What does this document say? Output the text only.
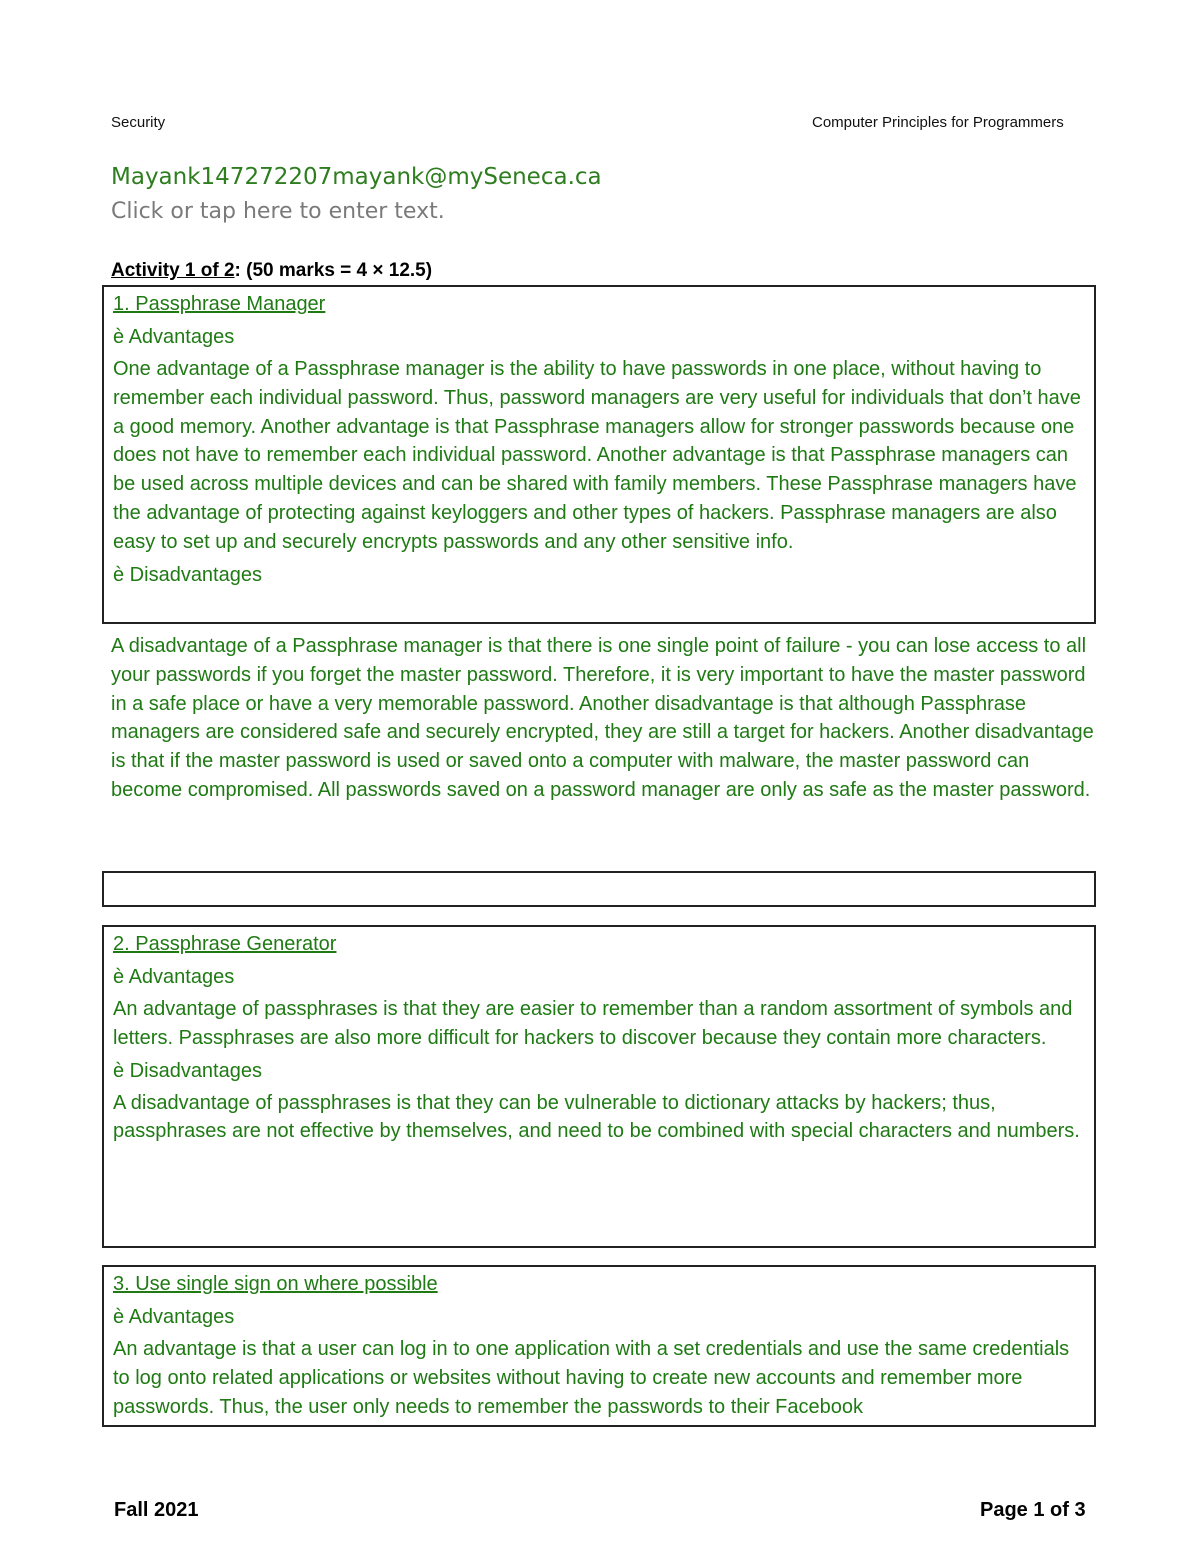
Security	Computer Principles for Programmers
Mayank147272207mayank@mySeneca.ca
Click or tap here to enter text.
Activity 1 of 2: (50 marks = 4 × 12.5)
1. Passphrase Manager
è Advantages
One advantage of a Passphrase manager is the ability to have passwords in one place, without having to remember each individual password. Thus, password managers are very useful for individuals that don’t have a good memory. Another advantage is that Passphrase managers allow for stronger passwords because one does not have to remember each individual password. Another advantage is that Passphrase managers can be used across multiple devices and can be shared with family members. These Passphrase managers have the advantage of protecting against keyloggers and other types of hackers. Passphrase managers are also easy to set up and securely encrypts passwords and any other sensitive info.
è Disadvantages
A disadvantage of a Passphrase manager is that there is one single point of failure - you can lose access to all your passwords if you forget the master password. Therefore, it is very important to have the master password in a safe place or have a very memorable password. Another disadvantage is that although Passphrase managers are considered safe and securely encrypted, they are still a target for hackers. Another disadvantage is that if the master password is used or saved onto a computer with malware, the master password can become compromised. All passwords saved on a password manager are only as safe as the master password.
2. Passphrase Generator
è Advantages
An advantage of passphrases is that they are easier to remember than a random assortment of symbols and letters. Passphrases are also more difficult for hackers to discover because they contain more characters.
è Disadvantages
A disadvantage of passphrases is that they can be vulnerable to dictionary attacks by hackers; thus, passphrases are not effective by themselves, and need to be combined with special characters and numbers.
3. Use single sign on where possible
è Advantages
An advantage is that a user can log in to one application with a set credentials and use the same credentials to log onto related applications or websites without having to create new accounts and remember more passwords. Thus, the user only needs to remember the passwords to their Facebook
Fall 2021	Page 1 of 3
